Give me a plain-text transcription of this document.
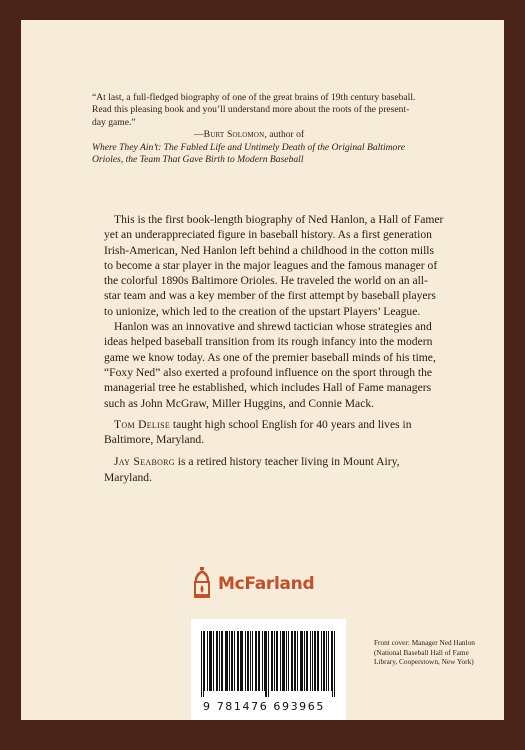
“At last, a full-fledged biography of one of the great brains of 19th century baseball. Read this pleasing book and you’ll understand more about the roots of the present-day game.”

—Burt Solomon, author of

Where They Ain’t: The Fabled Life and Untimely Death of the Original Baltimore Orioles, the Team That Gave Birth to Modern Baseball

This is the first book-length biography of Ned Hanlon, a Hall of Famer yet an underappreciated figure in baseball history. As a first generation Irish-American, Ned Hanlon left behind a childhood in the cotton mills to become a star player in the major leagues and the famous manager of the colorful 1890s Baltimore Orioles. He traveled the world on an all-star team and was a key member of the first attempt by baseball players to unionize, which led to the creation of the upstart Players’ League.

Hanlon was an innovative and shrewd tactician whose strategies and ideas helped baseball transition from its rough infancy into the modern game we know today. As one of the premier baseball minds of his time, “Foxy Ned” also exerted a profound influence on the sport through the managerial tree he established, which includes Hall of Fame managers such as John McGraw, Miller Huggins, and Connie Mack.

Tom Delise taught high school English for 40 years and lives in Baltimore, Maryland.

Jay Seaborg is a retired history teacher living in Mount Airy, Maryland.

McFarland
9 781476 693965
Front cover: Manager Ned Hanlon (National Baseball Hall of Fame Library, Cooperstown, New York)
